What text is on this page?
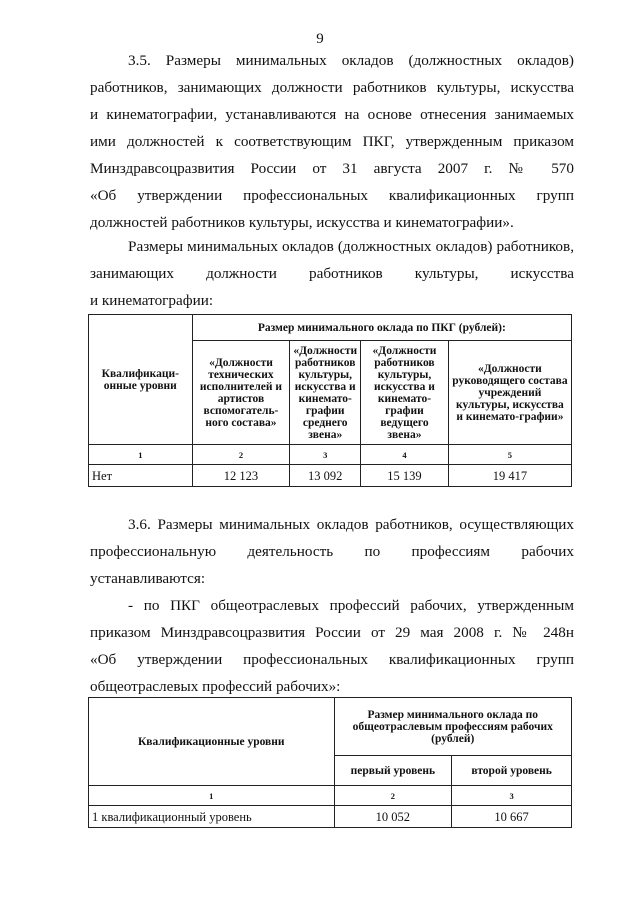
9
3.5. Размеры минимальных окладов (должностных окладов)
работников, занимающих должности работников культуры, искусства
и кинематографии, устанавливаются на основе отнесения занимаемых
ими должностей к соответствующим ПКГ, утвержденным приказом
Минздравсоцразвития России от 31 августа 2007 г. № 570
«Об утверждении профессиональных квалификационных групп
должностей работников культуры, искусства и кинематографии».
Размеры минимальных окладов (должностных окладов) работников,
занимающих должности работников культуры, искусства
и кинематографии:
Квалификаци-онные уровни	Размер минимального оклада по ПКГ (рублей):			
	«Должности технических исполнителей и артистов вспомогатель-ного состава»	«Должности работников культуры, искусства и кинемато-графии среднего звена»	«Должности работников культуры, искусства и кинемато-графии ведущего звена»	«Должности руководящего состава учреждений культуры, искусства и кинемато-графии»
1	2	3	4	5
Нет	12 123	13 092	15 139	19 417
3.6. Размеры минимальных окладов работников, осуществляющих
профессиональную деятельность по профессиям рабочих
устанавливаются:
- по ПКГ общеотраслевых профессий рабочих, утвержденным
приказом Минздравсоцразвития России от 29 мая 2008 г. № 248н
«Об утверждении профессиональных квалификационных групп
общеотраслевых профессий рабочих»:
Квалификационные уровни	Размер минимального оклада по общеотраслевым профессиям рабочих (рублей)	
	первый уровень	второй уровень
1	2	3
1 квалификационный уровень	10 052	10 667
